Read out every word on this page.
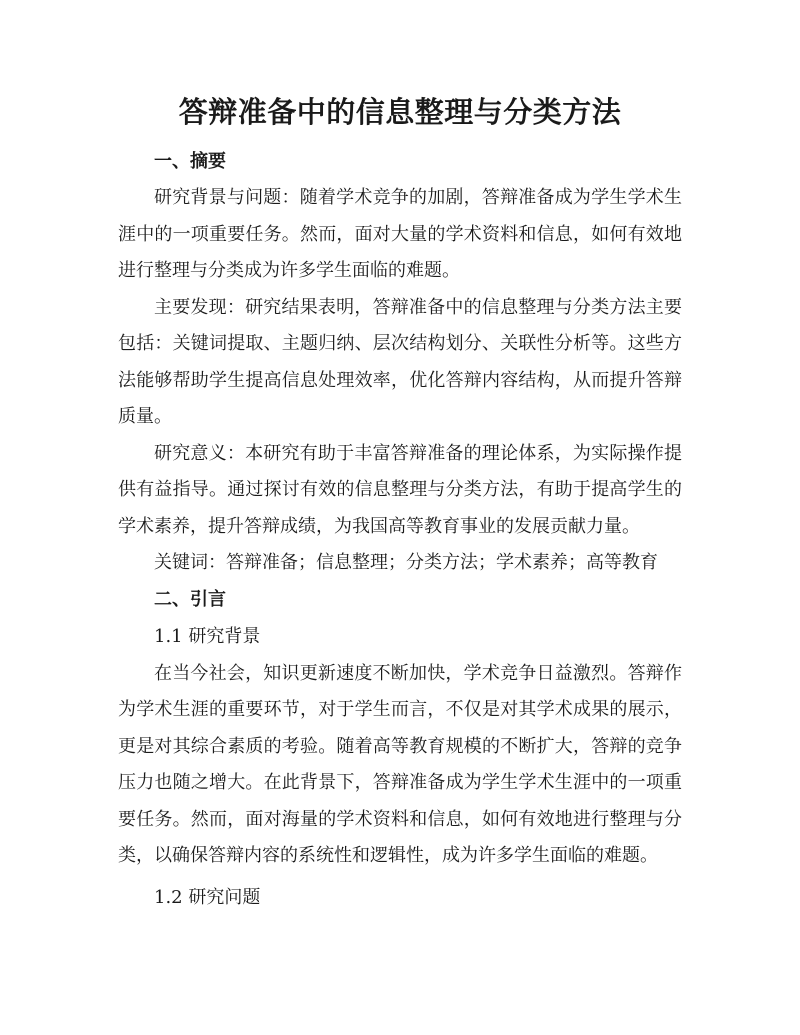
答辩准备中的信息整理与分类方法
一、摘要

研究背景与问题：随着学术竞争的加剧，答辩准备成为学生学术生涯中的一项重要任务。然而，面对大量的学术资料和信息，如何有效地进行整理与分类成为许多学生面临的难题。

主要发现：研究结果表明，答辩准备中的信息整理与分类方法主要包括：关键词提取、主题归纳、层次结构划分、关联性分析等。这些方法能够帮助学生提高信息处理效率，优化答辩内容结构，从而提升答辩质量。

研究意义：本研究有助于丰富答辩准备的理论体系，为实际操作提供有益指导。通过探讨有效的信息整理与分类方法，有助于提高学生的学术素养，提升答辩成绩，为我国高等教育事业的发展贡献力量。

关键词：答辩准备；信息整理；分类方法；学术素养；高等教育

二、引言

1.1 研究背景

在当今社会，知识更新速度不断加快，学术竞争日益激烈。答辩作为学术生涯的重要环节，对于学生而言，不仅是对其学术成果的展示，更是对其综合素质的考验。随着高等教育规模的不断扩大，答辩的竞争压力也随之增大。在此背景下，答辩准备成为学生学术生涯中的一项重要任务。然而，面对海量的学术资料和信息，如何有效地进行整理与分类，以确保答辩内容的系统性和逻辑性，成为许多学生面临的难题。

1.2 研究问题
